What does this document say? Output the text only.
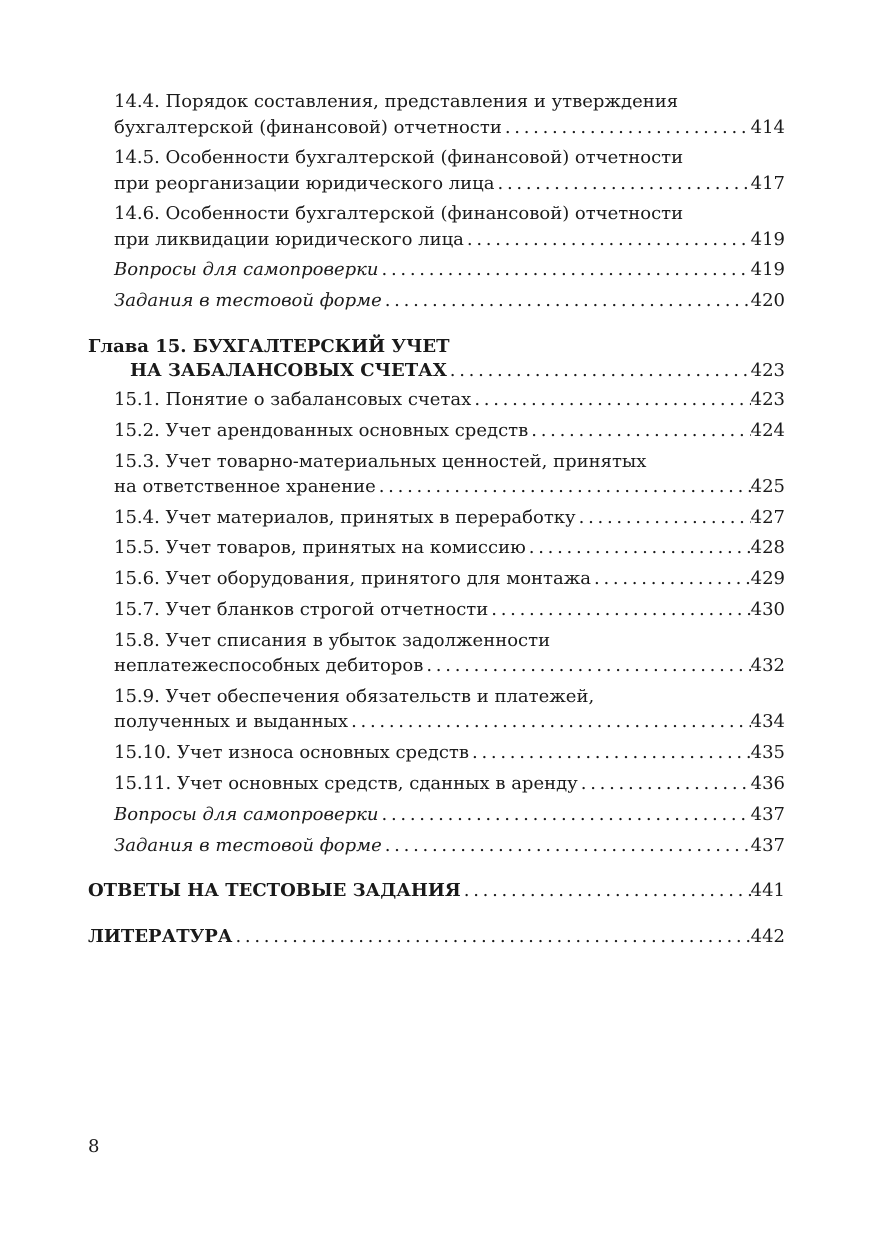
14.4. Порядок составления, представления и утверждения
бухгалтерской (финансовой) отчетности . . .	414
14.5. Особенности бухгалтерской (финансовой) отчетности
при реорганизации юридического лица . . .	417
14.6. Особенности бухгалтерской (финансовой) отчетности
при ликвидации юридического лица . . .	419
Вопросы для самопроверки . . .	419
Задания в тестовой форме . . .	420
Глава 15. БУХГАЛТЕРСКИЙ УЧЕТ
НА ЗАБАЛАНСОВЫХ СЧЕТАХ . . .	423
15.1. Понятие о забалансовых счетах . . .	423
15.2. Учет арендованных основных средств . . .	424
15.3. Учет товарно-материальных ценностей, принятых
на ответственное хранение . . .	425
15.4. Учет материалов, принятых в переработку . . .	427
15.5. Учет товаров, принятых на комиссию . . .	428
15.6. Учет оборудования, принятого для монтажа . . .	429
15.7. Учет бланков строгой отчетности . . .	430
15.8. Учет списания в убыток задолженности
неплатежеспособных дебиторов . . .	432
15.9. Учет обеспечения обязательств и платежей,
полученных и выданных . . .	434
15.10. Учет износа основных средств . . .	435
15.11. Учет основных средств, сданных в аренду . . .	436
Вопросы для самопроверки . . .	437
Задания в тестовой форме . . .	437
ОТВЕТЫ НА ТЕСТОВЫЕ ЗАДАНИЯ . . .	441
ЛИТЕРАТУРА . . .	442
8
